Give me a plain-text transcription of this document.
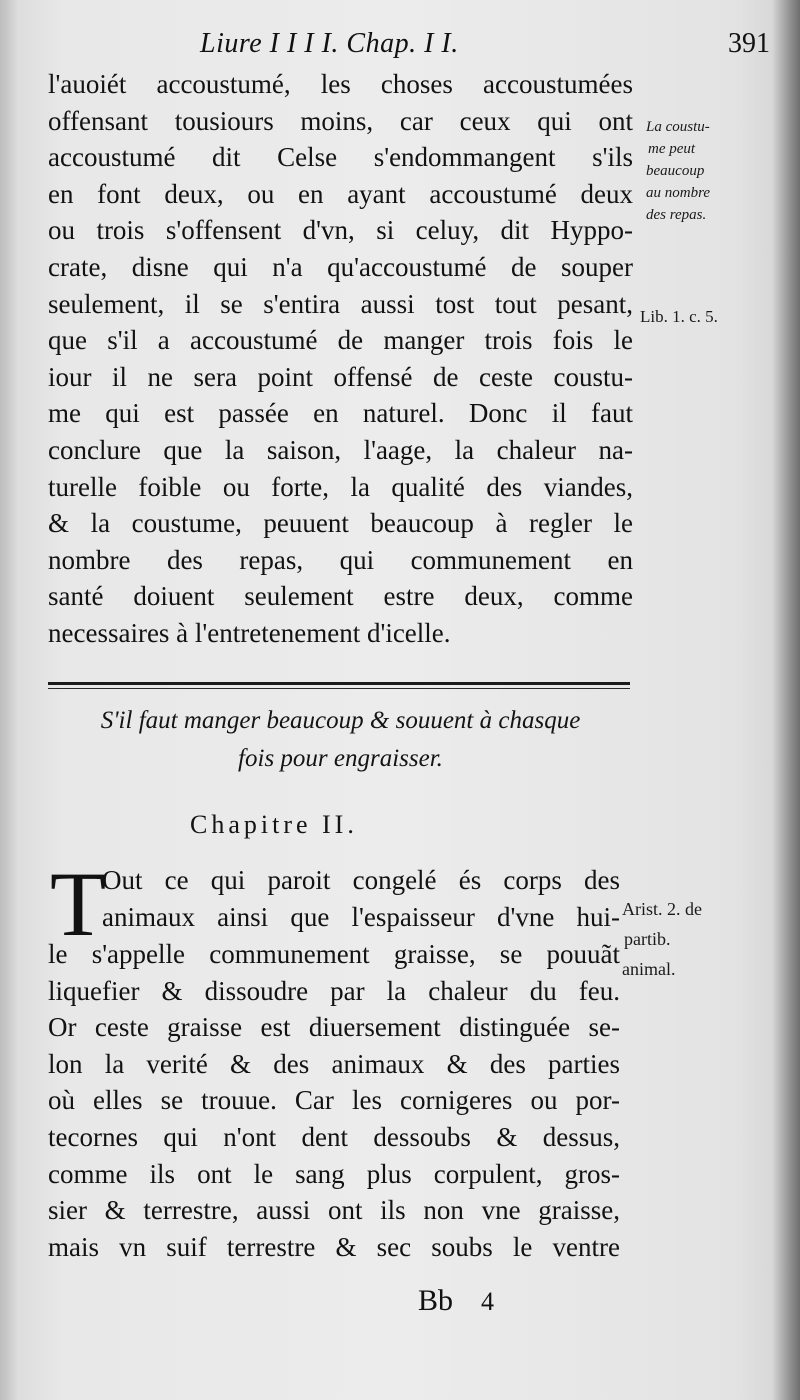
Liure I I I I. Chap. I I.	391
l'auoiét accoustumé, les choses accoustumées
offensant tousiours moins, car ceux qui ont
accoustumé dit Celse s'endommangent s'ils
en font deux, ou en ayant accoustumé deux
ou trois s'offensent d'vn, si celuy, dit Hyppo-
crate, disne qui n'a qu'accoustumé de souper
seulement, il se s'entira aussi tost tout pesant,
que s'il a accoustumé de manger trois fois le
iour il ne sera point offensé de ceste coustu-
me qui est passée en naturel. Donc il faut
conclure que la saison, l'aage, la chaleur na-
turelle foible ou forte, la qualité des viandes,
& la coustume, peuuent beaucoup à regler le
nombre des repas, qui communement en
santé doiuent seulement estre deux, comme
necessaires à l'entretenement d'icelle.
La coustu-
me peut
beaucoup
au nombre
des repas.
Lib. 1. c. 5.
S'il faut manger beaucoup & souuent à chasque
fois pour engraisser.
Chapitre II.
T
Out ce qui paroit congelé és corps des
animaux ainsi que l'espaisseur d'vne hui-
le s'appelle communement graisse, se pouuãt
liquefier & dissoudre par la chaleur du feu.
Or ceste graisse est diuersement distinguée se-
lon la verité & des animaux & des parties
où elles se trouue. Car les cornigeres ou por-
tecornes qui n'ont dent dessoubs & dessus,
comme ils ont le sang plus corpulent, gros-
sier & terrestre, aussi ont ils non vne graisse,
mais vn suif terrestre & sec soubs le ventre
Arist. 2. de
partib.
animal.
Bb 4
